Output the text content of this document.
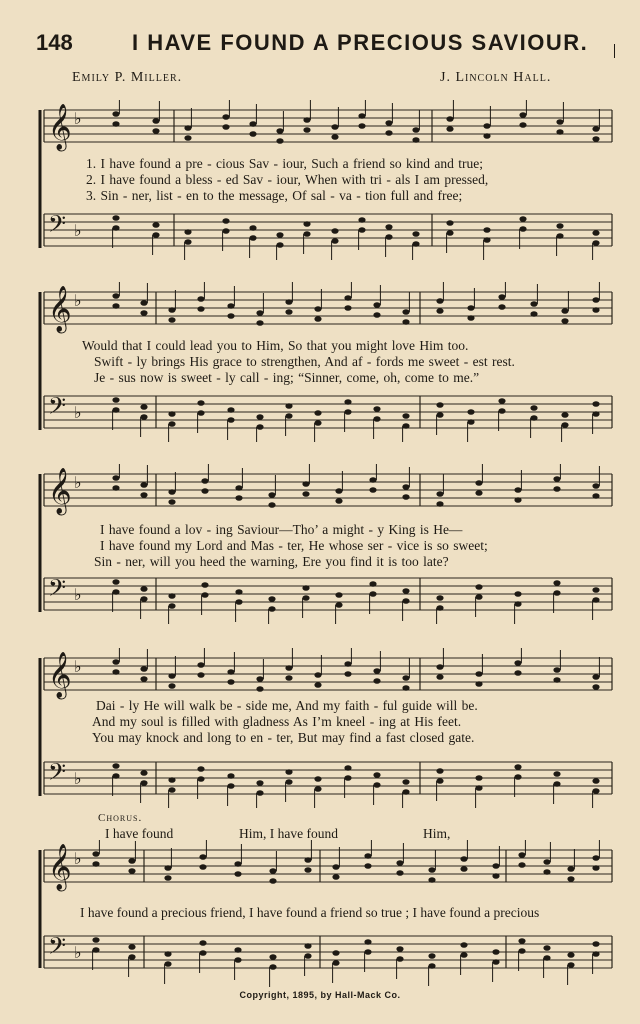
148	I HAVE FOUND A PRECIOUS SAVIOUR.
Emily P. Miller.	J. Lincoln Hall.
𝄞 ♭
𝄢 ♭
1. I have found a pre - cious Sav - iour, Such a friend so kind and true;
2. I have found a bless - ed Sav - iour, When with tri - als I am pressed,
3. Sin - ner, list - en to the message, Of sal - va - tion full and free;
𝄞 ♭
𝄢 ♭
Would that I could lead you to Him, So that you might love Him too.
Swift - ly brings His grace to strengthen, And af - fords me sweet - est rest.
Je - sus now is sweet - ly call - ing; “Sinner, come, oh, come to me.”
𝄞 ♭
𝄢 ♭
I have found a lov - ing Saviour—Tho’ a might - y King is He—
I have found my Lord and Mas - ter, He whose ser - vice is so sweet;
Sin - ner, will you heed the warning, Ere you find it is too late?
𝄞 ♭
𝄢 ♭
Dai - ly He will walk be - side me, And my faith - ful guide will be.
And my soul is filled with gladness As I’m kneel - ing at His feet.
You may knock and long to en - ter, But may find a fast closed gate.
Chorus.
I have found	Him, I have found	Him,
𝄞 ♭
𝄢 ♭
I have found a precious friend, I have found a friend so true ; I have found a precious
Copyright, 1895, by Hall-Mack Co.
